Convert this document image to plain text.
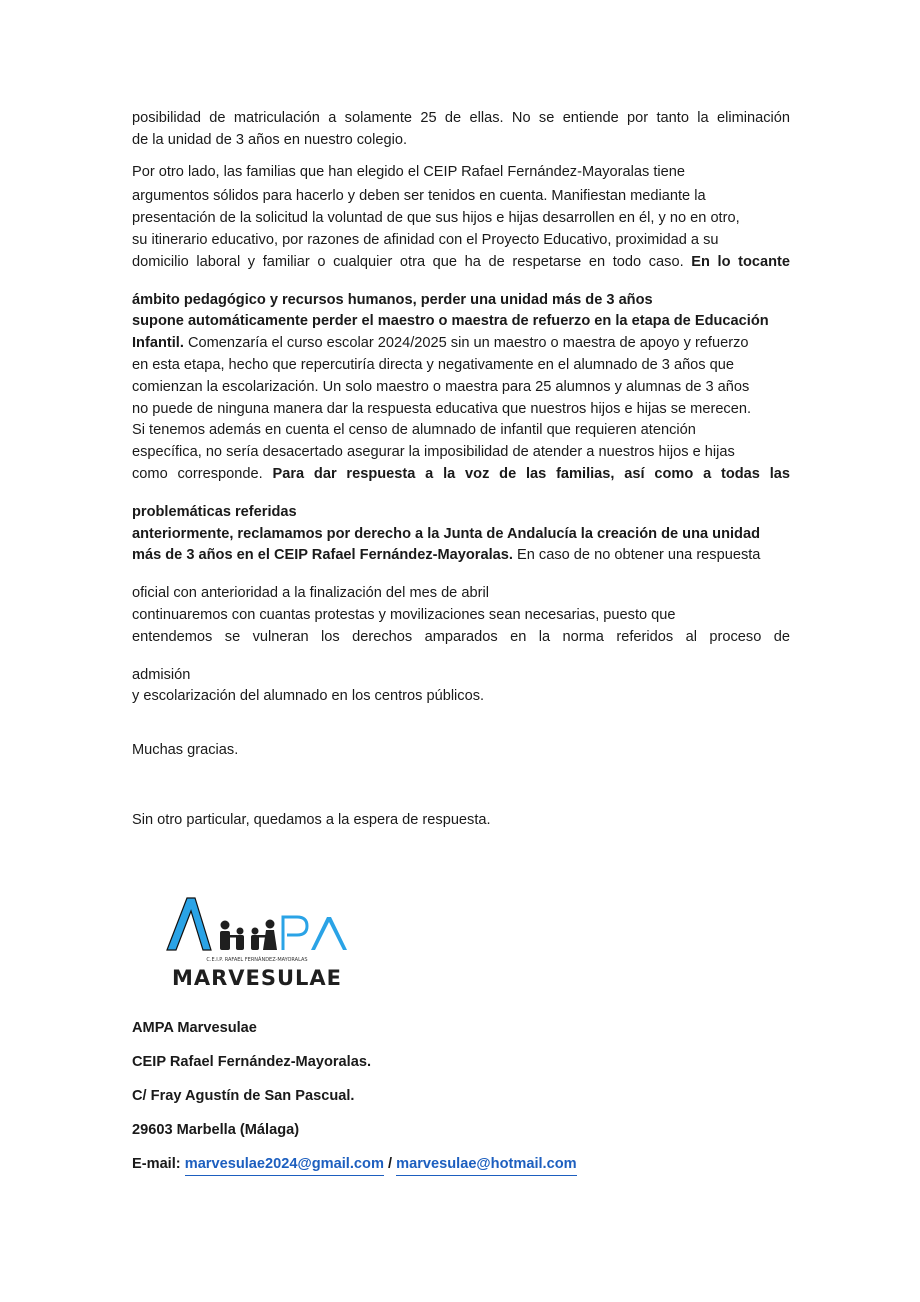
posibilidad de matriculación a solamente 25 de ellas. No se entiende por tanto la eliminación

de la unidad de 3 años en nuestro colegio.

Por otro lado, las familias que han elegido el CEIP Rafael Fernández-Mayoralas tiene

argumentos sólidos para hacerlo y deben ser tenidos en cuenta. Manifiestan mediante la

presentación de la solicitud la voluntad de que sus hijos e hijas desarrollen en él, y no en otro,

su itinerario educativo, por razones de afinidad con el Proyecto Educativo, proximidad a su

domicilio laboral y familiar o cualquier otra que ha de respetarse en todo caso. En lo tocante

ámbito pedagógico y recursos humanos, perder una unidad más de 3 años

supone automáticamente perder el maestro o maestra de refuerzo en la etapa de Educación

Infantil. Comenzaría el curso escolar 2024/2025 sin un maestro o maestra de apoyo y refuerzo

en esta etapa, hecho que repercutiría directa y negativamente en el alumnado de 3 años que

comienzan la escolarización. Un solo maestro o maestra para 25 alumnos y alumnas de 3 años

no puede de ninguna manera dar la respuesta educativa que nuestros hijos e hijas se merecen.

Si tenemos además en cuenta el censo de alumnado de infantil que requieren atención

específica, no sería desacertado asegurar la imposibilidad de atender a nuestros hijos e hijas

como corresponde. Para dar respuesta a la voz de las familias, así como a todas las

problemáticas referidas

anteriormente, reclamamos por derecho a la Junta de Andalucía la creación de una unidad

más de 3 años en el CEIP Rafael Fernández-Mayoralas. En caso de no obtener una respuesta

oficial con anterioridad a la finalización del mes de abril

continuaremos con cuantas protestas y movilizaciones sean necesarias, puesto que

entendemos se vulneran los derechos amparados en la norma referidos al proceso de

admisión

y escolarización del alumnado en los centros públicos.

Muchas gracias.

Sin otro particular, quedamos a la espera de respuesta.

C.E.I.P. RAFAEL FERNÁNDEZ-MAYORALAS
MARVESULAE

AMPA Marvesulae

CEIP Rafael Fernández-Mayoralas.

C/ Fray Agustín de San Pascual.

29603 Marbella (Málaga)

E-mail: marvesulae2024@gmail.com / marvesulae@hotmail.com
